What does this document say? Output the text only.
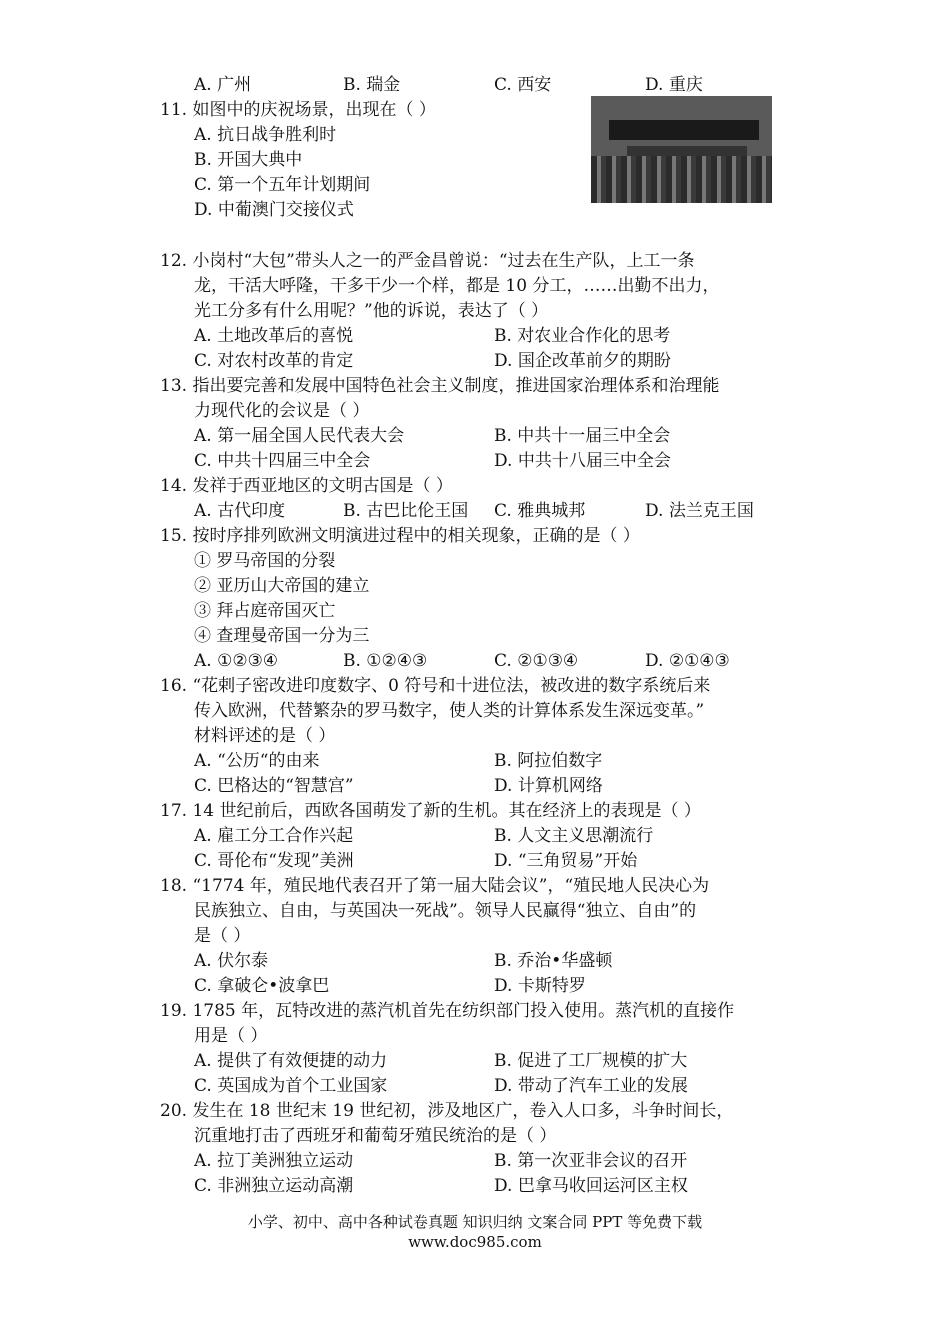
A. 广州	B. 瑞金	C. 西安	D. 重庆
11. 如图中的庆祝场景，出现在（ ）
A. 抗日战争胜利时
B. 开国大典中
C. 第一个五年计划期间
D. 中葡澳门交接仪式
12. 小岗村“大包”带头人之一的严金昌曾说：“过去在生产队，上工一条
龙，干活大呼隆，干多干少一个样，都是 10 分工，……出勤不出力，
光工分多有什么用呢？”他的诉说，表达了（ ）
A. 土地改革后的喜悦	B. 对农业合作化的思考
C. 对农村改革的肯定	D. 国企改革前夕的期盼
13. 指出要完善和发展中国特色社会主义制度，推进国家治理体系和治理能
力现代化的会议是（ ）
A. 第一届全国人民代表大会	B. 中共十一届三中全会
C. 中共十四届三中全会	D. 中共十八届三中全会
14. 发祥于西亚地区的文明古国是（ ）
A. 古代印度	B. 古巴比伦王国 C. 雅典城邦	D. 法兰克王国
15. 按时序排列欧洲文明演进过程中的相关现象，正确的是（ ）
① 罗马帝国的分裂
② 亚历山大帝国的建立
③ 拜占庭帝国灭亡
④ 查理曼帝国一分为三
A. ①②③④	B. ①②④③	C. ②①③④	D. ②①④③
16. “花剌子密改进印度数字、0 符号和十进位法，被改进的数字系统后来
传入欧洲，代替繁杂的罗马数字，使人类的计算体系发生深远变革。”
材料评述的是（ ）
A. “公历“的由来	B. 阿拉伯数字
C. 巴格达的“智慧宫”	D. 计算机网络
17. 14 世纪前后，西欧各国萌发了新的生机。其在经济上的表现是（ ）
A. 雇工分工合作兴起	B. 人文主义思潮流行
C. 哥伦布“发现”美洲	D. “三角贸易”开始
18. “1774 年，殖民地代表召开了第一届大陆会议”，“殖民地人民决心为
民族独立、自由，与英国决一死战”。领导人民赢得“独立、自由”的
是（ ）
A. 伏尔泰	B. 乔治•华盛顿
C. 拿破仑•波拿巴	D. 卡斯特罗
19. 1785 年，瓦特改进的蒸汽机首先在纺织部门投入使用。蒸汽机的直接作
用是（ ）
A. 提供了有效便捷的动力	B. 促进了工厂规模的扩大
C. 英国成为首个工业国家	D. 带动了汽车工业的发展
20. 发生在 18 世纪末 19 世纪初，涉及地区广，卷入人口多，斗争时间长，
沉重地打击了西班牙和葡萄牙殖民统治的是（ ）
A. 拉丁美洲独立运动	B. 第一次亚非会议的召开
C. 非洲独立运动高潮	D. 巴拿马收回运河区主权
小学、初中、高中各种试卷真题 知识归纳 文案合同 PPT 等免费下载
www.doc985.com
